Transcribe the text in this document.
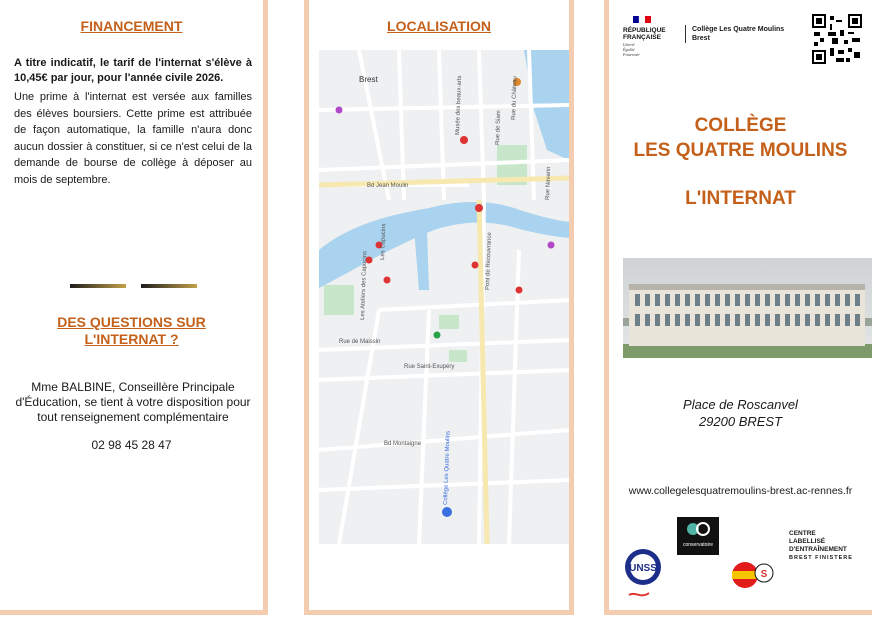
FINANCEMENT
A titre indicatif, le tarif de l'internat s'élève à 10,45€ par jour, pour l'année civile 2026.
Une prime à l'internat est versée aux familles des élèves boursiers. Cette prime est attribuée de façon automatique, la famille n'aura donc aucun dossier à constituer, si ce n'est celui de la demande de bourse de collège à déposer au mois de septembre.
DES QUESTIONS SUR
L'INTERNAT ?
Mme BALBINE, Conseillère Principale d'Éducation, se tient à votre disposition pour tout renseignement complémentaire
02 98 45 28 47
LOCALISATION
Brest
Bd Jean Moulin
Rue de Maissin
Rue Saint-Exupéry
Bd Montaigne
Pont de Recouvrance
Rue de Siam
Rue Navarin
Les Capucins
Les Ateliers des Capucins
Collège Les Quatre Moulins
Musée des beaux-arts	Rue du Château
RÉPUBLIQUE
FRANÇAISE
Liberté
Égalité
Fraternité
Collège Les Quatre Moulins
Brest
COLLÈGE
LES QUATRE MOULINS
L'INTERNAT
Place de Roscanvel
29200 BREST
www.collegelesquatremoulins-brest.ac-rennes.fr
UNSS
conservatoire
S
CENTRE
LABELLISÉ
D'ENTRAÎNEMENT
BREST FINISTERE
